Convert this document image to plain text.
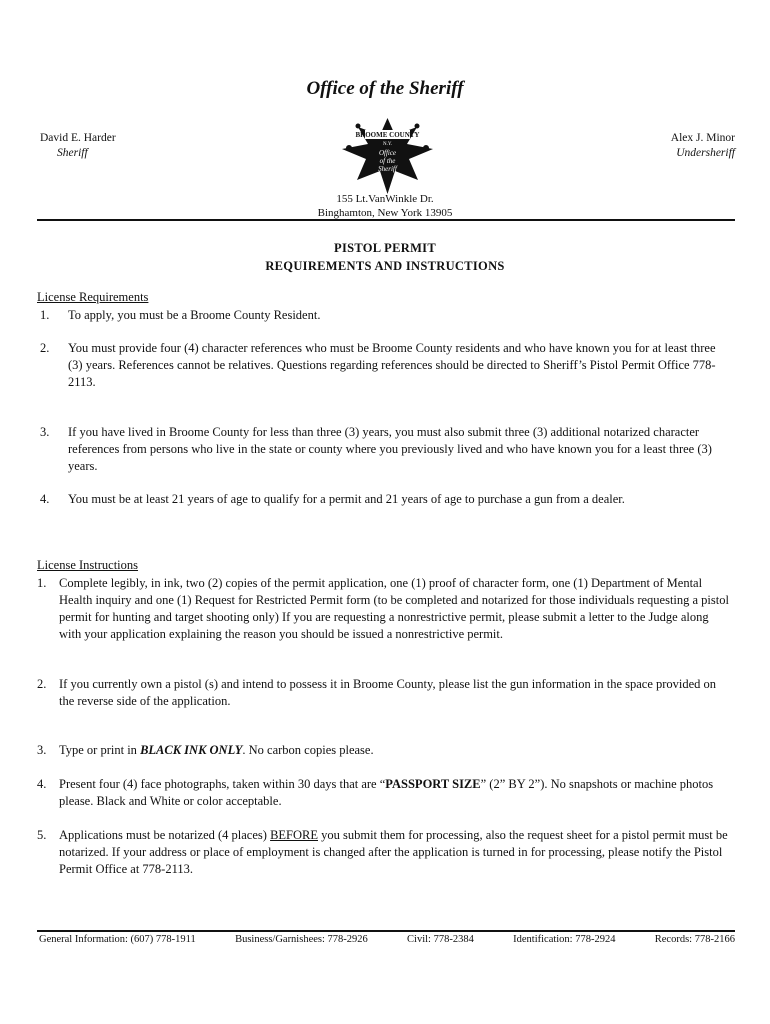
Office of the Sheriff
David E. Harder
Sheriff
Alex J. Minor
Undersheriff
BROOME COUNTY
N.Y.
Office
of the
Sheriff
155 Lt.VanWinkle Dr.
Binghamton, New York 13905
PISTOL PERMIT
REQUIREMENTS AND INSTRUCTIONS
License Requirements
1. To apply, you must be a Broome County Resident.
2. You must provide four (4) character references who must be Broome County residents and who have known you for at least three (3) years. References cannot be relatives. Questions regarding references should be directed to Sheriff’s Pistol Permit Office 778-2113.
3. If you have lived in Broome County for less than three (3) years, you must also submit three (3) additional notarized character references from persons who live in the state or county where you previously lived and who have known you for a least three (3) years.
4. You must be at least 21 years of age to qualify for a permit and 21 years of age to purchase a gun from a dealer.
License Instructions
1. Complete legibly, in ink, two (2) copies of the permit application, one (1) proof of character form, one (1) Department of Mental Health inquiry and one (1) Request for Restricted Permit form (to be completed and notarized for those individuals requesting a pistol permit for hunting and target shooting only) If you are requesting a nonrestrictive permit, please submit a letter to the Judge along with your application explaining the reason you should be issued a nonrestrictive permit.
2. If you currently own a pistol (s) and intend to possess it in Broome County, please list the gun information in the space provided on the reverse side of the application.
3. Type or print in BLACK INK ONLY. No carbon copies please.
4. Present four (4) face photographs, taken within 30 days that are “PASSPORT SIZE” (2” BY 2”). No snapshots or machine photos please. Black and White or color acceptable.
5. Applications must be notarized (4 places) BEFORE you submit them for processing, also the request sheet for a pistol permit must be notarized. If your address or place of employment is changed after the application is turned in for processing, please notify the Pistol Permit Office at 778-2113.
General Information: (607) 778-1911	Business/Garnishees: 778-2926	Civil: 778-2384	Identification: 778-2924	Records: 778-2166
